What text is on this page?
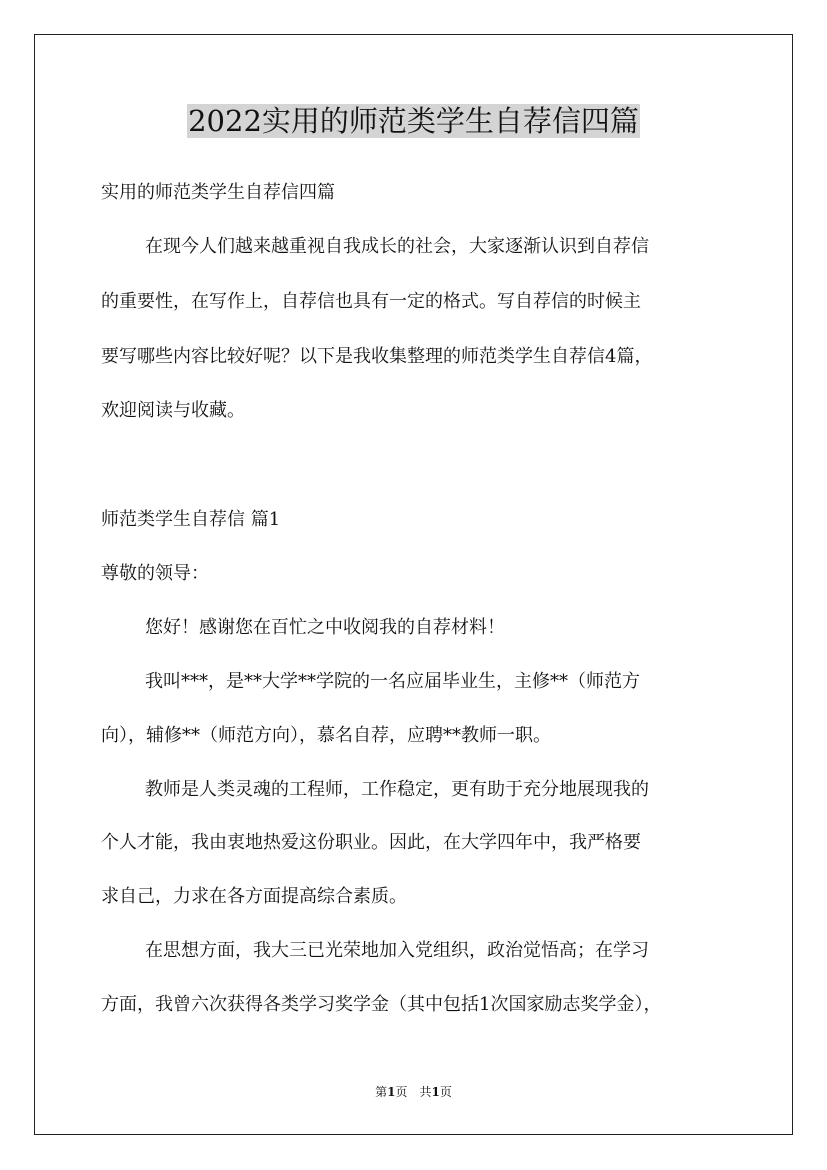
2022实用的师范类学生自荐信四篇

实用的师范类学生自荐信四篇

在现今人们越来越重视自我成长的社会，大家逐渐认识到自荐信

的重要性，在写作上，自荐信也具有一定的格式。写自荐信的时候主

要写哪些内容比较好呢？以下是我收集整理的师范类学生自荐信4篇，

欢迎阅读与收藏。

师范类学生自荐信 篇1

尊敬的领导：

您好！感谢您在百忙之中收阅我的自荐材料！

我叫***，是**大学**学院的一名应届毕业生，主修**（师范方

向），辅修**（师范方向），慕名自荐，应聘**教师一职。

教师是人类灵魂的工程师，工作稳定，更有助于充分地展现我的

个人才能，我由衷地热爱这份职业。因此，在大学四年中，我严格要

求自己，力求在各方面提高综合素质。

在思想方面，我大三已光荣地加入党组织，政治觉悟高；在学习

方面，我曾六次获得各类学习奖学金（其中包括1次国家励志奖学金），

第1页　共1页
